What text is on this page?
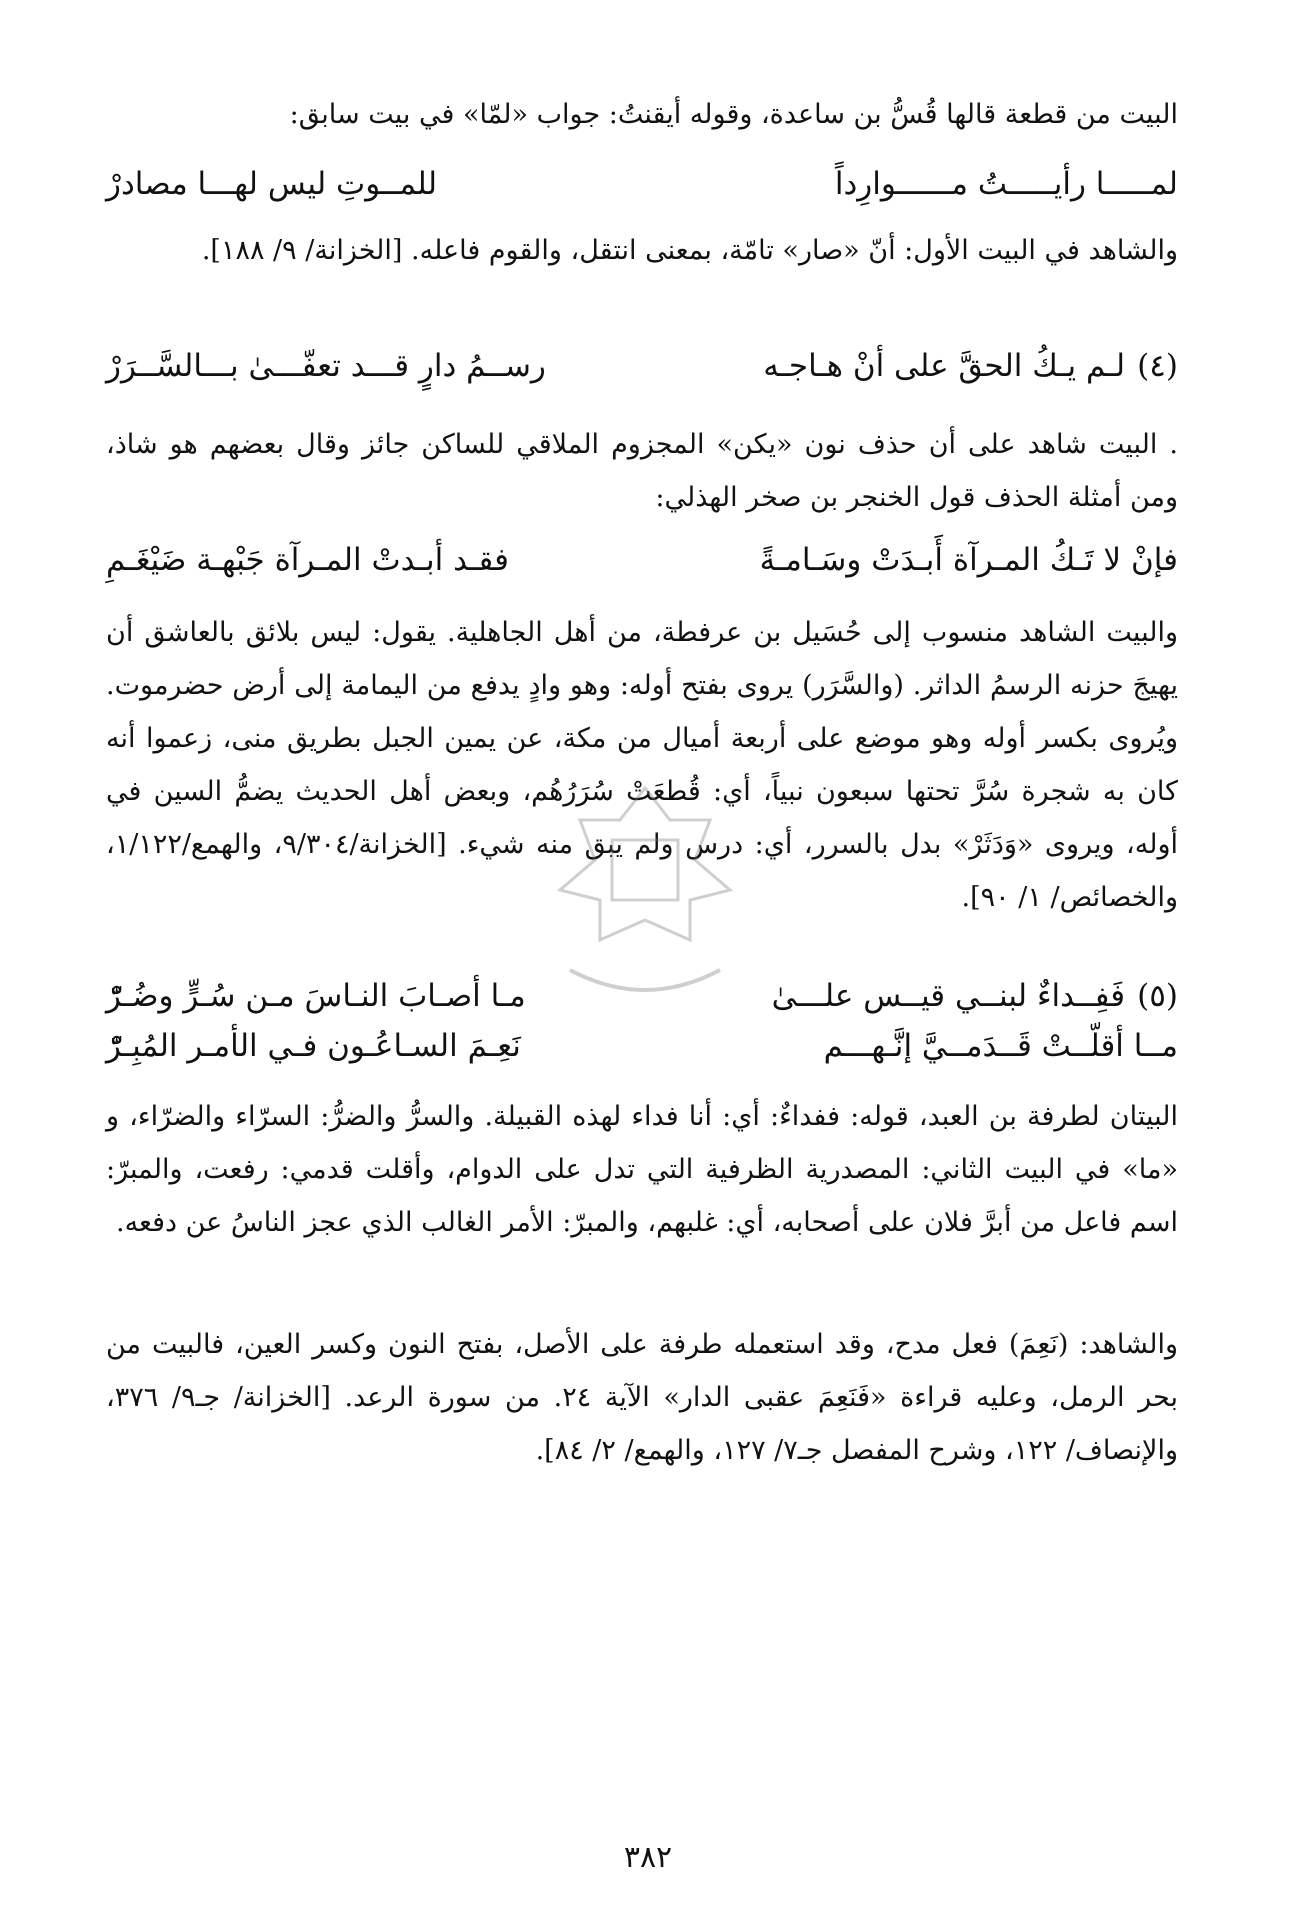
البيت من قطعة قالها قُسُّ بن ساعدة، وقوله أيقنتُ: جواب «لمّا» في بيت سابق:

لمـــــا رأيـــــتُ مــــــوارِداً
للمــوتِ ليس لهـــا مصادرْ

والشاهد في البيت الأول: أنّ «صار» تامّة، بمعنى انتقل، والقوم فاعله. [الخزانة/ ٩/ ١٨٨].

(٤)لـم يـكُ الحقَّ على أنْ هـاجـه
رســمُ دارٍ قـــد تعفّـــىٰ بـــالسَّــرَرْ

. البيت شاهد على أن حذف نون «يكن» المجزوم الملاقي للساكن جائز وقال بعضهم هو شاذ، ومن أمثلة الحذف قول الخنجر بن صخر الهذلي:

فإنْ لا تَـكُ المـرآة أَبـدَتْ وسَـامـةً
فقـد أبـدتْ المـرآة جَبْهـة ضَيْغَـمِ

والبيت الشاهد منسوب إلى حُسَيل بن عرفطة، من أهل الجاهلية. يقول: ليس بلائق بالعاشق أن يهيجَ حزنه الرسمُ الداثر. (والسَّرَر) يروى بفتح أوله: وهو وادٍ يدفع من اليمامة إلى أرض حضرموت. ويُروى بكسر أوله وهو موضع على أربعة أميال من مكة، عن يمين الجبل بطريق منى، زعموا أنه كان به شجرة سُرَّ تحتها سبعون نبياً، أي: قُطعَتْ سُرَرُهُم، وبعض أهل الحديث يضمُّ السين في أوله، ويروى «وَدَثَرْ» بدل بالسرر، أي: درس ولم يبق منه شيء. [الخزانة/٩/٣٠٤، والهمع/١/١٢٢، والخصائص/ ١/ ٩٠].

(٥)فَفِــداءٌ لبنــي قيــس علـــىٰ
مـا أصـابَ النـاسَ مـن سُـرٍّ وضُـرّْ
مــا أقلّــتْ قَــدَمــيَّ إنَّـهـــم
نَعِـمَ السـاعُـون فـي الأمـر المُبِـرّْ

البيتان لطرفة بن العبد، قوله: ففداءٌ: أي: أنا فداء لهذه القبيلة. والسرُّ والضرُّ: السرّاء والضرّاء، و «ما» في البيت الثاني: المصدرية الظرفية التي تدل على الدوام، وأقلت قدمي: رفعت، والمبرّ: اسم فاعل من أبرَّ فلان على أصحابه، أي: غلبهم، والمبرّ: الأمر الغالب الذي عجز الناسُ عن دفعه.

والشاهد: (نَعِمَ) فعل مدح، وقد استعمله طرفة على الأصل، بفتح النون وكسر العين، فالبيت من بحر الرمل، وعليه قراءة «فَنَعِمَ عقبى الدار» الآية ٢٤. من سورة الرعد. [الخزانة/ جـ٩/ ٣٧٦، والإنصاف/ ١٢٢، وشرح المفصل جـ٧/ ١٢٧، والهمع/ ٢/ ٨٤].

٣٨٢
